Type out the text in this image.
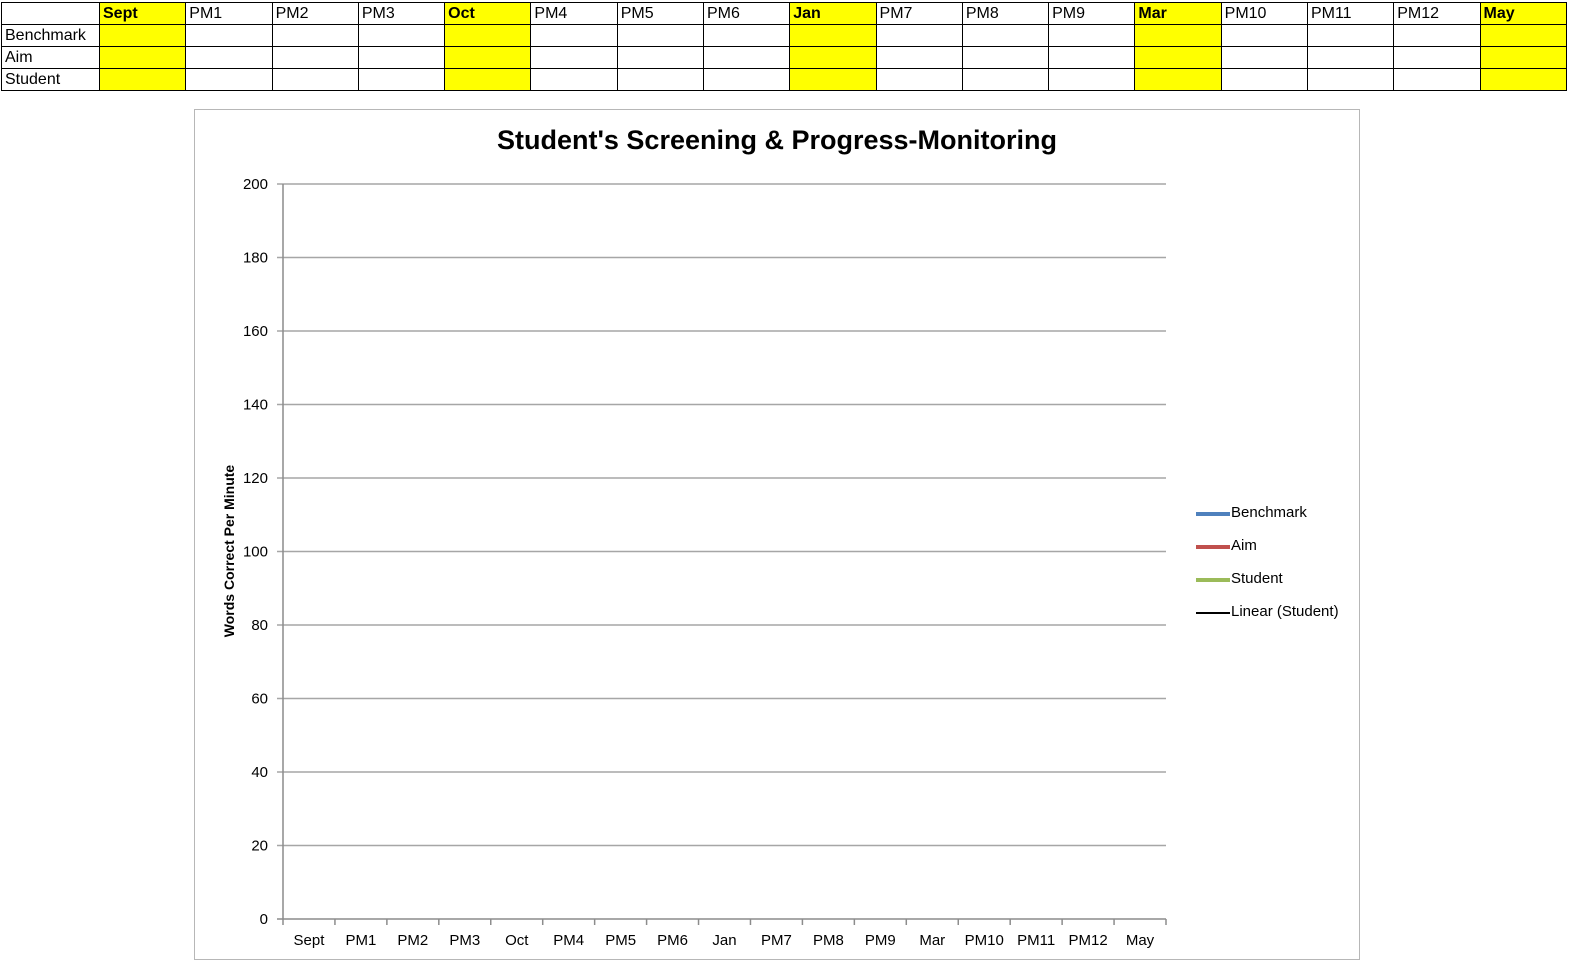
	Sept	PM1	PM2	PM3	Oct	PM4	PM5	PM6	Jan	PM7	PM8	PM9	Mar	PM10	PM11	PM12	May
Benchmark																	
Aim																	
Student																	
Student's Screening & Progress-Monitoring
Words Correct Per Minute
0
20
40
60
80
100
120
140
160
180
200
Sept PM1 PM2 PM3 Oct PM4 PM5 PM6 Jan PM7 PM8 PM9 Mar PM10 PM11 PM12 May
Benchmark
Aim
Student
Linear (Student)
